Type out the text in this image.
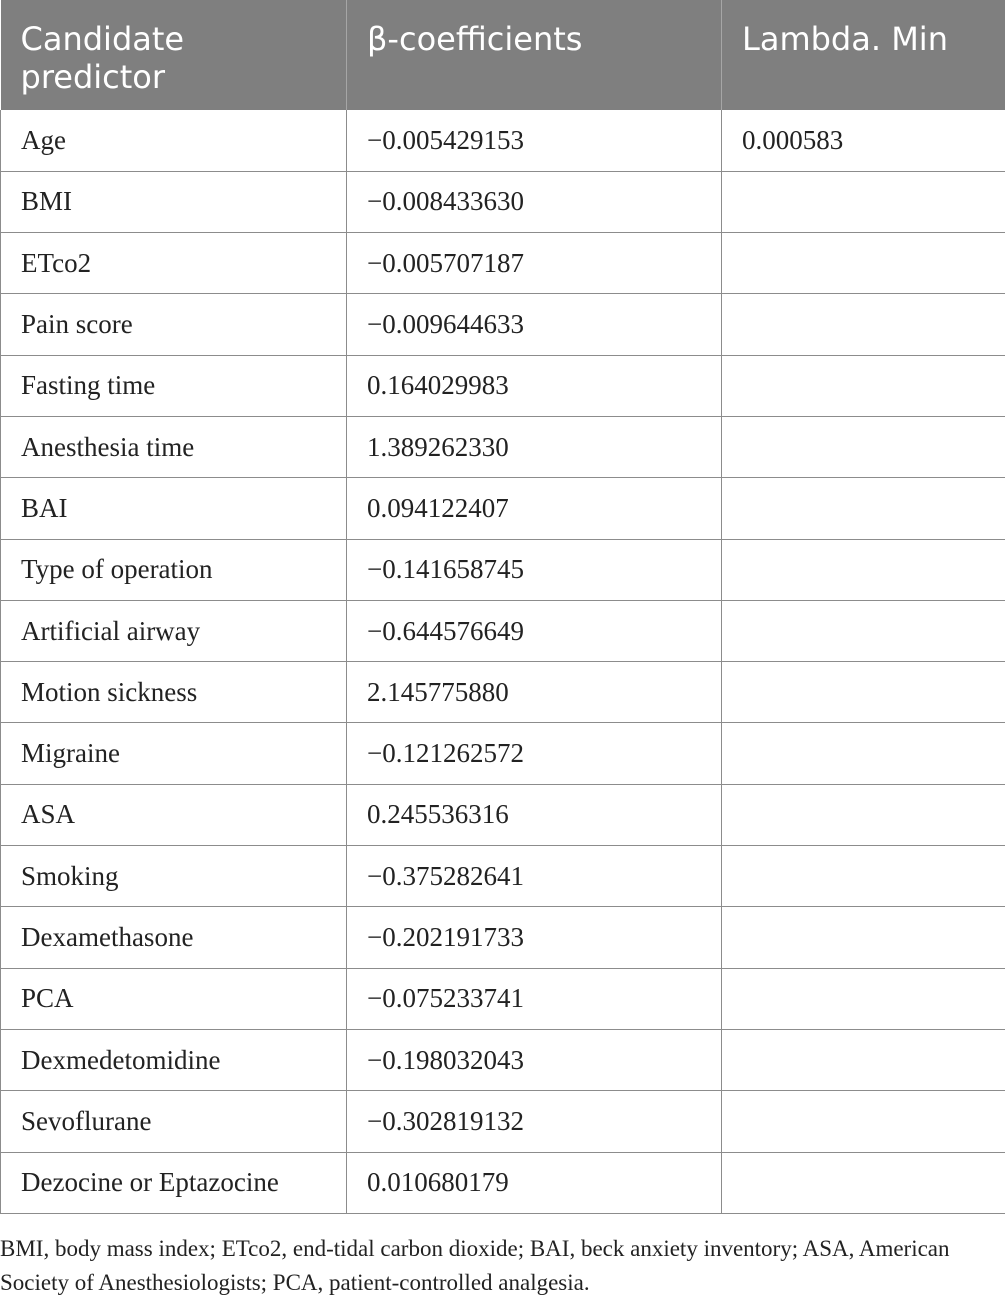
Candidate predictor	β-coefficients	Lambda. Min
Age	−0.005429153	0.000583
BMI	−0.008433630	
ETco2	−0.005707187	
Pain score	−0.009644633	
Fasting time	0.164029983	
Anesthesia time	1.389262330	
BAI	0.094122407	
Type of operation	−0.141658745	
Artificial airway	−0.644576649	
Motion sickness	2.145775880	
Migraine	−0.121262572	
ASA	0.245536316	
Smoking	−0.375282641	
Dexamethasone	−0.202191733	
PCA	−0.075233741	
Dexmedetomidine	−0.198032043	
Sevoflurane	−0.302819132	
Dezocine or Eptazocine	0.010680179	
BMI, body mass index; ETco2, end-tidal carbon dioxide; BAI, beck anxiety inventory; ASA, American Society of Anesthesiologists; PCA, patient-controlled analgesia.
